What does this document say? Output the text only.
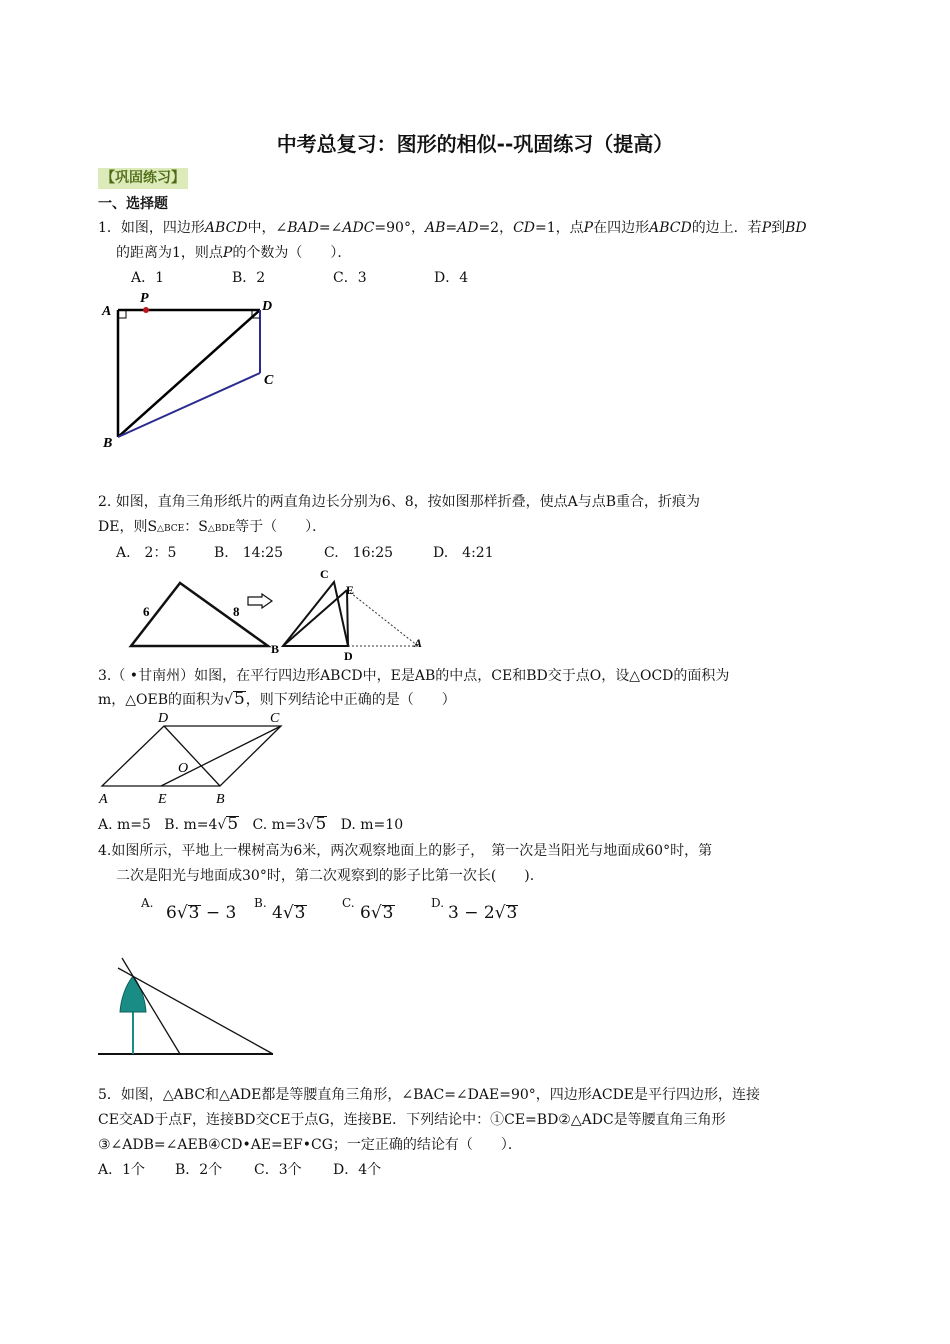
中考总复习：图形的相似--巩固练习（提高）
【巩固练习】
一、选择题
1．如图，四边形ABCD中，∠BAD=∠ADC=90°，AB=AD=2，CD=1，点P在四边形ABCD的边上．若P到BD
的距离为1，则点P的个数为（　　）．
A．1	B．2	C．3	D．4
A
P
D
C
B
2. 如图，直角三角形纸片的两直角边长分别为6、8，按如图那样折叠，使点A与点B重合，折痕为
DE，则S△BCE：S△BDE等于（　　）．
A.　2：5	B.　14:25	C.　16:25	D.　4:21
6	8
B
C
E
D
A
3.（ •甘南州）如图，在平行四边形ABCD中，E是AB的中点，CE和BD交于点O，设△OCD的面积为
m，△OEB的面积为√5，则下列结论中正确的是（　　）
D	C
O
A	E	B
A. m=5 B. m=4√5 C. m=3√5 D. m=10
4.如图所示，平地上一棵树高为6米，两次观察地面上的影子，　第一次是当阳光与地面成60°时，第
二次是阳光与地面成30°时，第二次观察到的影子比第一次长(　　).
A. 6√3 − 3 B. 4√3	C. 6√3	D. 3 − 2√3
5．如图，△ABC和△ADE都是等腰直角三角形，∠BAC=∠DAE=90°，四边形ACDE是平行四边形，连接
CE交AD于点F，连接BD交CE于点G，连接BE．下列结论中：①CE=BD②△ADC是等腰直角三角形
③∠ADB=∠AEB④CD•AE=EF•CG；一定正确的结论有（　　）．
A．1个 B．2个 C．3个 D．4个
